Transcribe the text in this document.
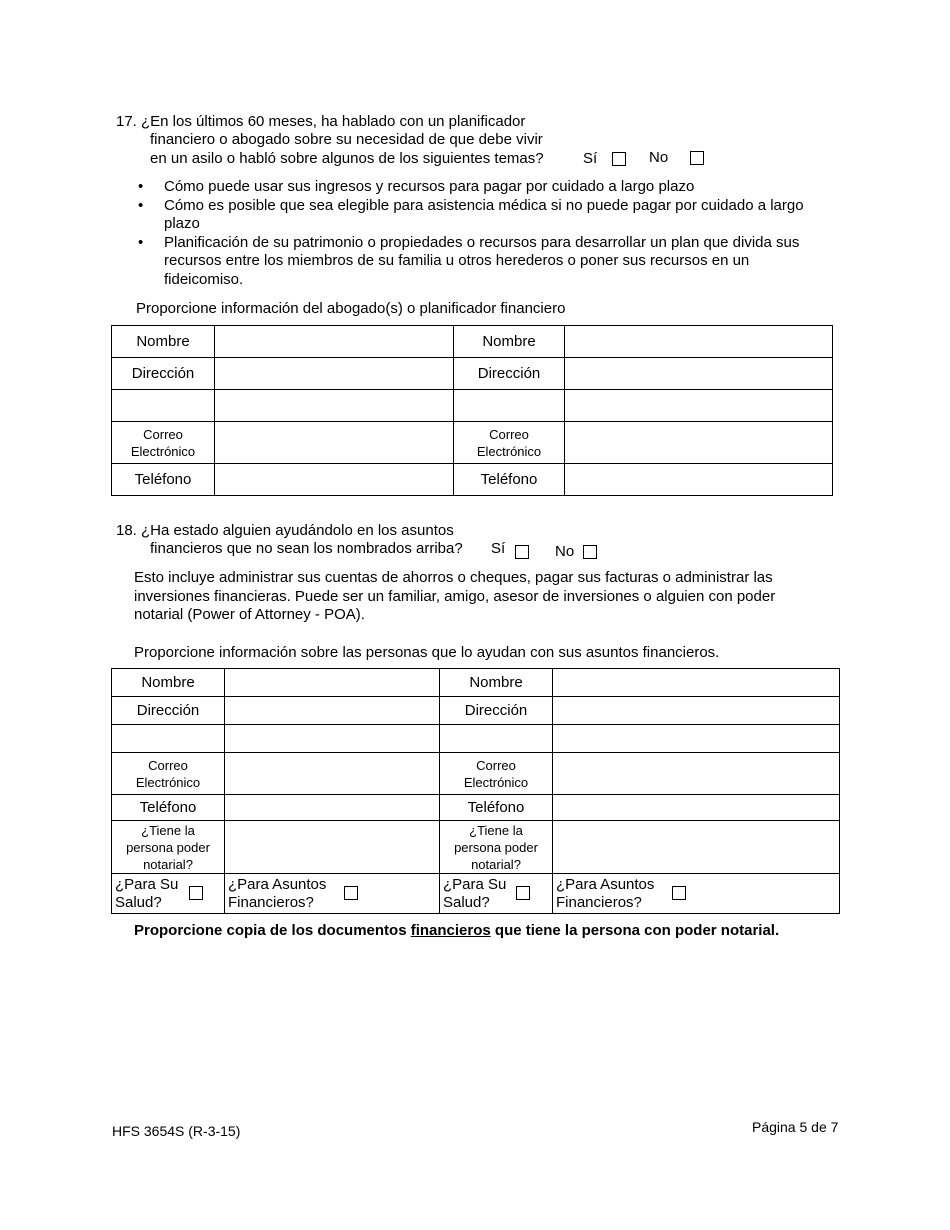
17. ¿En los últimos 60 meses, ha hablado con un planificador
financiero o abogado sobre su necesidad de que debe vivir
en un asilo o habló sobre algunos de los siguientes temas?	Sí	No
• Cómo puede usar sus ingresos y recursos para pagar por cuidado a largo plazo
• Cómo es posible que sea elegible para asistencia médica si no puede pagar por cuidado a largo
plazo
• Planificación de su patrimonio o propiedades o recursos para desarrollar un plan que divida sus
recursos entre los miembros de su familia u otros herederos o poner sus recursos en un
fideicomiso.
Proporcione información del abogado(s) o planificador financiero
Nombre		Nombre	
Dirección		Dirección	

Correo
Electrónico		Correo
Electrónico	
Teléfono		Teléfono	
18. ¿Ha estado alguien ayudándolo en los asuntos
financieros que no sean los nombrados arriba? Sí	No
Esto incluye administrar sus cuentas de ahorros o cheques, pagar sus facturas o administrar las
inversiones financieras. Puede ser un familiar, amigo, asesor de inversiones o alguien con poder
notarial (Power of Attorney - POA).
Proporcione información sobre las personas que lo ayudan con sus asuntos financieros.
Nombre		Nombre	
Dirección		Dirección	

Correo
Electrónico		Correo
Electrónico	
Teléfono		Teléfono	
¿Tiene la
persona poder
notarial?		¿Tiene la
persona poder
notarial?	

¿Para Su
Salud?	¿Para Asuntos
Financieros?	¿Para Su
Salud?	¿Para Asuntos
Financieros?
Proporcione copia de los documentos financieros que tiene la persona con poder notarial.
HFS 3654S (R-3-15)	Página 5 de 7
